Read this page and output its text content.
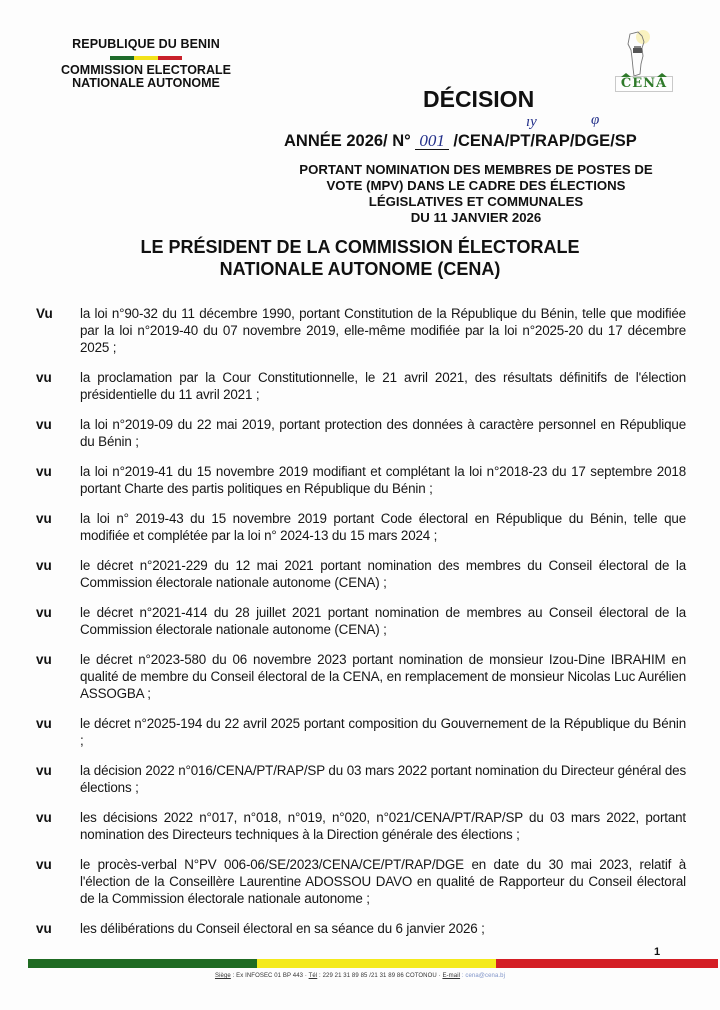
REPUBLIQUE DU BENIN
COMMISSION ELECTORALE
NATIONALE AUTONOME	CENA
DÉCISION
ANNÉE 2026/ N° 001 /CENA/PT/RAP/DGE/SP
ıy	φ
PORTANT NOMINATION DES MEMBRES DE POSTES DE
VOTE (MPV) DANS LE CADRE DES ÉLECTIONS
LÉGISLATIVES ET COMMUNALES
DU 11 JANVIER 2026
LE PRÉSIDENT DE LA COMMISSION ÉLECTORALE
NATIONALE AUTONOME (CENA)
Vu	la loi n°90-32 du 11 décembre 1990, portant Constitution de la République du Bénin, telle que modifiée par la loi n°2019-40 du 07 novembre 2019, elle-même modifiée par la loi n°2025-20 du 17 décembre 2025 ;
vu	la proclamation par la Cour Constitutionnelle, le 21 avril 2021, des résultats définitifs de l'élection présidentielle du 11 avril 2021 ;
vu	la loi n°2019-09 du 22 mai 2019, portant protection des données à caractère personnel en République du Bénin ;
vu	la loi n°2019-41 du 15 novembre 2019 modifiant et complétant la loi n°2018-23 du 17 septembre 2018 portant Charte des partis politiques en République du Bénin ;
vu	la loi n° 2019-43 du 15 novembre 2019 portant Code électoral en République du Bénin, telle que modifiée et complétée par la loi n° 2024-13 du 15 mars 2024 ;
vu	le décret n°2021-229 du 12 mai 2021 portant nomination des membres du Conseil électoral de la Commission électorale nationale autonome (CENA) ;
vu	le décret n°2021-414 du 28 juillet 2021 portant nomination de membres au Conseil électoral de la Commission électorale nationale autonome (CENA) ;
vu	le décret n°2023-580 du 06 novembre 2023 portant nomination de monsieur Izou-Dine IBRAHIM en qualité de membre du Conseil électoral de la CENA, en remplacement de monsieur Nicolas Luc Aurélien ASSOGBA ;
vu	le décret n°2025-194 du 22 avril 2025 portant composition du Gouvernement de la République du Bénin ;
vu	la décision 2022 n°016/CENA/PT/RAP/SP du 03 mars 2022 portant nomination du Directeur général des élections ;
vu	les décisions 2022 n°017, n°018, n°019, n°020, n°021/CENA/PT/RAP/SP du 03 mars 2022, portant nomination des Directeurs techniques à la Direction générale des élections ;
vu	le procès-verbal N°PV 006-06/SE/2023/CENA/CE/PT/RAP/DGE en date du 30 mai 2023, relatif à l'élection de la Conseillère Laurentine ADOSSOU DAVO en qualité de Rapporteur du Conseil électoral de la Commission électorale nationale autonome ;
vu	les délibérations du Conseil électoral en sa séance du 6 janvier 2026 ;
1
Siège : Ex INFOSEC 01 BP 443 · Tél : 229 21 31 89 85 /21 31 89 86 COTONOU · E-mail : cena@cena.bj
